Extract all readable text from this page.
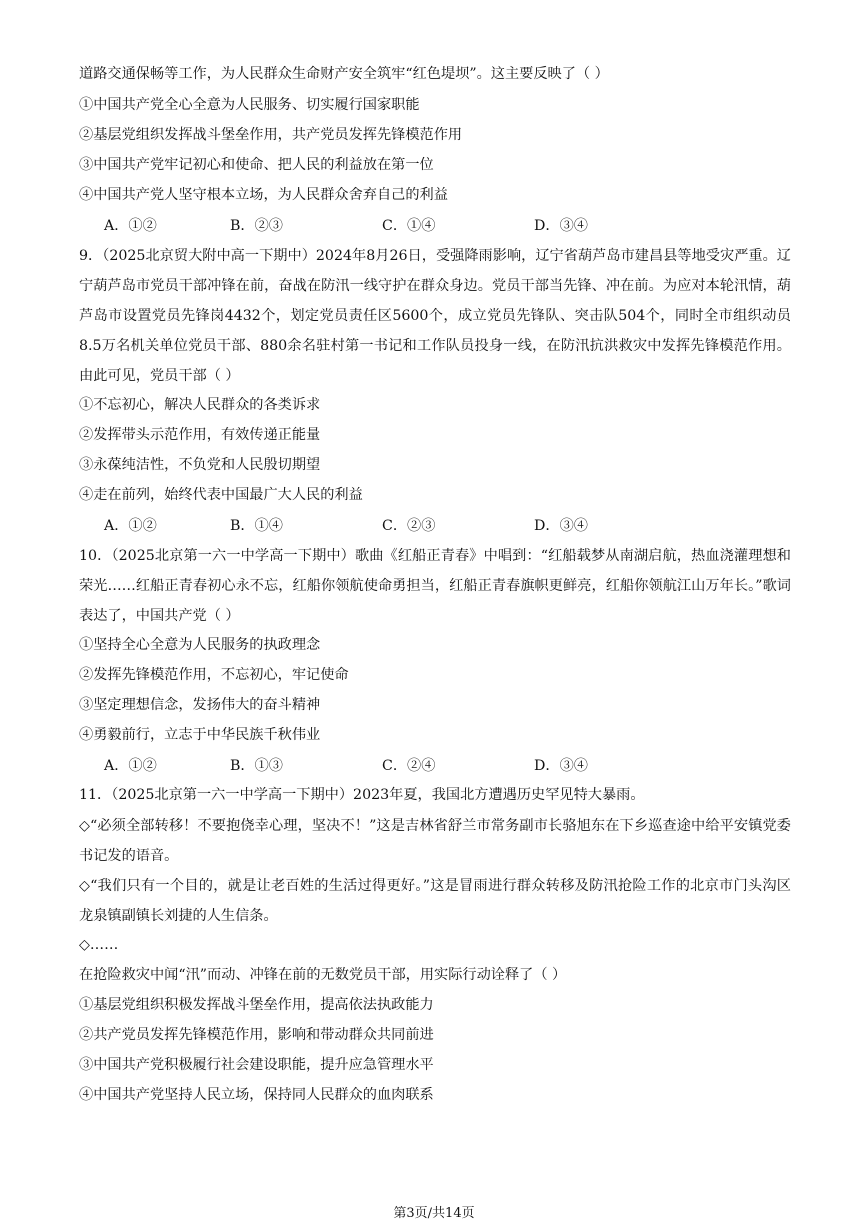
道路交通保畅等工作，为人民群众生命财产安全筑牢“红色堤坝”。这主要反映了（ ）
①中国共产党全心全意为人民服务、切实履行国家职能
②基层党组织发挥战斗堡垒作用，共产党员发挥先锋模范作用
③中国共产党牢记初心和使命、把人民的利益放在第一位
④中国共产党人坚守根本立场，为人民群众舍弃自己的利益
A．①②	B．②③	C．①④	D．③④
9．（2025北京贸大附中高一下期中）2024年8月26日，受强降雨影响，辽宁省葫芦岛市建昌县等地受灾严重。辽宁葫芦岛市党员干部冲锋在前，奋战在防汛一线守护在群众身边。党员干部当先锋、冲在前。为应对本轮汛情，葫芦岛市设置党员先锋岗4432个，划定党员责任区5600个，成立党员先锋队、突击队504个，同时全市组织动员8.5万名机关单位党员干部、880余名驻村第一书记和工作队员投身一线，在防汛抗洪救灾中发挥先锋模范作用。由此可见，党员干部（ ）
①不忘初心，解决人民群众的各类诉求
②发挥带头示范作用，有效传递正能量
③永葆纯洁性，不负党和人民殷切期望
④走在前列，始终代表中国最广大人民的利益
A．①②	B．①④	C．②③	D．③④
10．（2025北京第一六一中学高一下期中）歌曲《红船正青春》中唱到：“红船载梦从南湖启航，热血浇灌理想和荣光……红船正青春初心永不忘，红船你领航使命勇担当，红船正青春旗帜更鲜亮，红船你领航江山万年长。”歌词表达了，中国共产党（ ）
①坚持全心全意为人民服务的执政理念
②发挥先锋模范作用，不忘初心，牢记使命
③坚定理想信念，发扬伟大的奋斗精神
④勇毅前行，立志于中华民族千秋伟业
A．①②	B．①③	C．②④	D．③④
11．（2025北京第一六一中学高一下期中）2023年夏，我国北方遭遇历史罕见特大暴雨。
◇“必须全部转移！不要抱侥幸心理，坚决不！”这是吉林省舒兰市常务副市长骆旭东在下乡巡查途中给平安镇党委书记发的语音。
◇“我们只有一个目的，就是让老百姓的生活过得更好。”这是冒雨进行群众转移及防汛抢险工作的北京市门头沟区龙泉镇副镇长刘捷的人生信条。
◇……
在抢险救灾中闻“汛”而动、冲锋在前的无数党员干部，用实际行动诠释了（ ）
①基层党组织积极发挥战斗堡垒作用，提高依法执政能力
②共产党员发挥先锋模范作用，影响和带动群众共同前进
③中国共产党积极履行社会建设职能，提升应急管理水平
④中国共产党坚持人民立场，保持同人民群众的血肉联系
第3页/共14页
